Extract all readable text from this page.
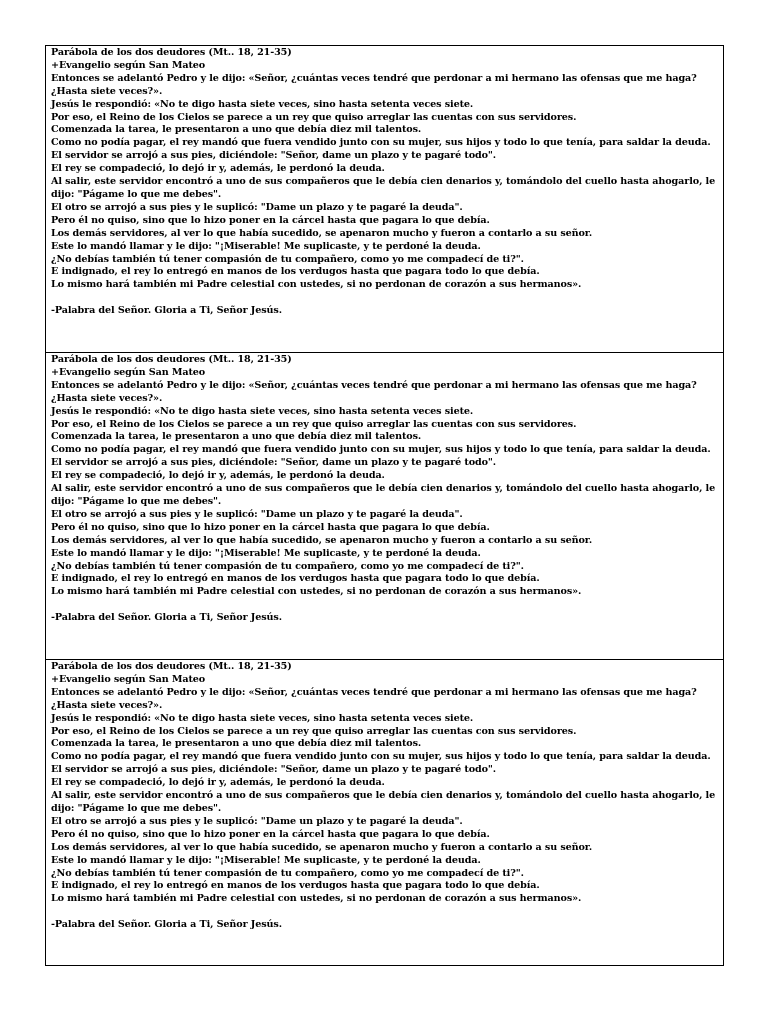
Parábola de los dos deudores (Mt.. 18, 21-35)

+Evangelio según San Mateo

Entonces se adelantó Pedro y le dijo: «Señor, ¿cuántas veces tendré que perdonar a mi hermano las ofensas que me haga? ¿Hasta siete veces?».

Jesús le respondió: «No te digo hasta siete veces, sino hasta setenta veces siete.

Por eso, el Reino de los Cielos se parece a un rey que quiso arreglar las cuentas con sus servidores.

Comenzada la tarea, le presentaron a uno que debía diez mil talentos.

Como no podía pagar, el rey mandó que fuera vendido junto con su mujer, sus hijos y todo lo que tenía, para saldar la deuda.

El servidor se arrojó a sus pies, diciéndole: "Señor, dame un plazo y te pagaré todo".

El rey se compadeció, lo dejó ir y, además, le perdonó la deuda.

Al salir, este servidor encontró a uno de sus compañeros que le debía cien denarios y, tomándolo del cuello hasta ahogarlo, le dijo: "Págame lo que me debes".

El otro se arrojó a sus pies y le suplicó: "Dame un plazo y te pagaré la deuda".

Pero él no quiso, sino que lo hizo poner en la cárcel hasta que pagara lo que debía.

Los demás servidores, al ver lo que había sucedido, se apenaron mucho y fueron a contarlo a su señor.

Este lo mandó llamar y le dijo: "¡Miserable! Me suplicaste, y te perdoné la deuda.

¿No debías también tú tener compasión de tu compañero, como yo me compadecí de ti?".

E indignado, el rey lo entregó en manos de los verdugos hasta que pagara todo lo que debía.

Lo mismo hará también mi Padre celestial con ustedes, si no perdonan de corazón a sus hermanos».

-Palabra del Señor. Gloria a Ti, Señor Jesús.

Parábola de los dos deudores (Mt.. 18, 21-35)

+Evangelio según San Mateo

Entonces se adelantó Pedro y le dijo: «Señor, ¿cuántas veces tendré que perdonar a mi hermano las ofensas que me haga? ¿Hasta siete veces?».

Jesús le respondió: «No te digo hasta siete veces, sino hasta setenta veces siete.

Por eso, el Reino de los Cielos se parece a un rey que quiso arreglar las cuentas con sus servidores.

Comenzada la tarea, le presentaron a uno que debía diez mil talentos.

Como no podía pagar, el rey mandó que fuera vendido junto con su mujer, sus hijos y todo lo que tenía, para saldar la deuda.

El servidor se arrojó a sus pies, diciéndole: "Señor, dame un plazo y te pagaré todo".

El rey se compadeció, lo dejó ir y, además, le perdonó la deuda.

Al salir, este servidor encontró a uno de sus compañeros que le debía cien denarios y, tomándolo del cuello hasta ahogarlo, le dijo: "Págame lo que me debes".

El otro se arrojó a sus pies y le suplicó: "Dame un plazo y te pagaré la deuda".

Pero él no quiso, sino que lo hizo poner en la cárcel hasta que pagara lo que debía.

Los demás servidores, al ver lo que había sucedido, se apenaron mucho y fueron a contarlo a su señor.

Este lo mandó llamar y le dijo: "¡Miserable! Me suplicaste, y te perdoné la deuda.

¿No debías también tú tener compasión de tu compañero, como yo me compadecí de ti?".

E indignado, el rey lo entregó en manos de los verdugos hasta que pagara todo lo que debía.

Lo mismo hará también mi Padre celestial con ustedes, si no perdonan de corazón a sus hermanos».

-Palabra del Señor. Gloria a Ti, Señor Jesús.

Parábola de los dos deudores (Mt.. 18, 21-35)

+Evangelio según San Mateo

Entonces se adelantó Pedro y le dijo: «Señor, ¿cuántas veces tendré que perdonar a mi hermano las ofensas que me haga? ¿Hasta siete veces?».

Jesús le respondió: «No te digo hasta siete veces, sino hasta setenta veces siete.

Por eso, el Reino de los Cielos se parece a un rey que quiso arreglar las cuentas con sus servidores.

Comenzada la tarea, le presentaron a uno que debía diez mil talentos.

Como no podía pagar, el rey mandó que fuera vendido junto con su mujer, sus hijos y todo lo que tenía, para saldar la deuda.

El servidor se arrojó a sus pies, diciéndole: "Señor, dame un plazo y te pagaré todo".

El rey se compadeció, lo dejó ir y, además, le perdonó la deuda.

Al salir, este servidor encontró a uno de sus compañeros que le debía cien denarios y, tomándolo del cuello hasta ahogarlo, le dijo: "Págame lo que me debes".

El otro se arrojó a sus pies y le suplicó: "Dame un plazo y te pagaré la deuda".

Pero él no quiso, sino que lo hizo poner en la cárcel hasta que pagara lo que debía.

Los demás servidores, al ver lo que había sucedido, se apenaron mucho y fueron a contarlo a su señor.

Este lo mandó llamar y le dijo: "¡Miserable! Me suplicaste, y te perdoné la deuda.

¿No debías también tú tener compasión de tu compañero, como yo me compadecí de ti?".

E indignado, el rey lo entregó en manos de los verdugos hasta que pagara todo lo que debía.

Lo mismo hará también mi Padre celestial con ustedes, si no perdonan de corazón a sus hermanos».

-Palabra del Señor. Gloria a Ti, Señor Jesús.
